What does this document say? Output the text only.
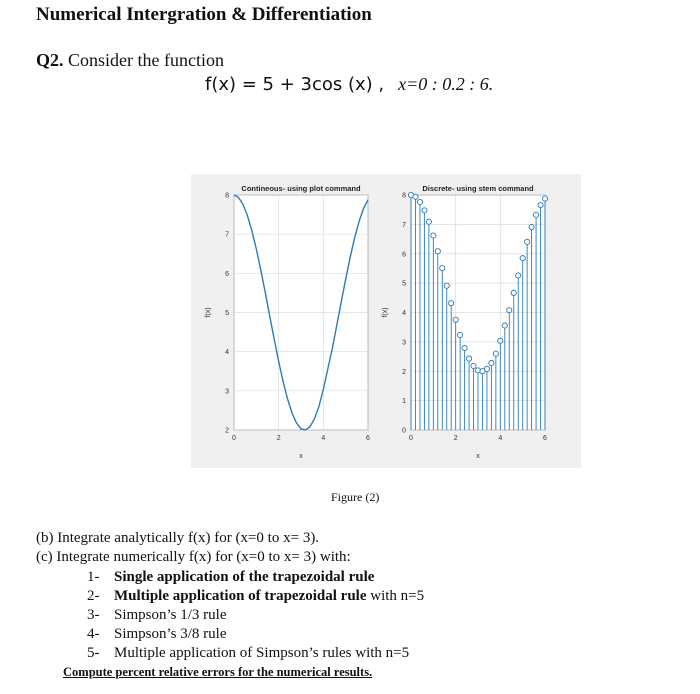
Numerical Intergration & Differentiation
Q2. Consider the function
f(x) = 5 + 3cos (x) , x=0 : 0.2 : 6.
0	2	4	6
2
3
4
5
6
7
8
Contineous- using plot command
x
f(x)
0	2	4	6
0
1
2
3
4
5
6
7
8
Discrete- using stem command
x
f(x)
Figure (2)
(b) Integrate analytically f(x) for (x=0 to x= 3).
(c) Integrate numerically f(x) for (x=0 to x= 3) with:
1- Single application of the trapezoidal rule
2- Multiple application of trapezoidal rule with n=5
3- Simpson’s 1/3 rule
4- Simpson’s 3/8 rule
5- Multiple application of Simpson’s rules with n=5
Compute percent relative errors for the numerical results.
